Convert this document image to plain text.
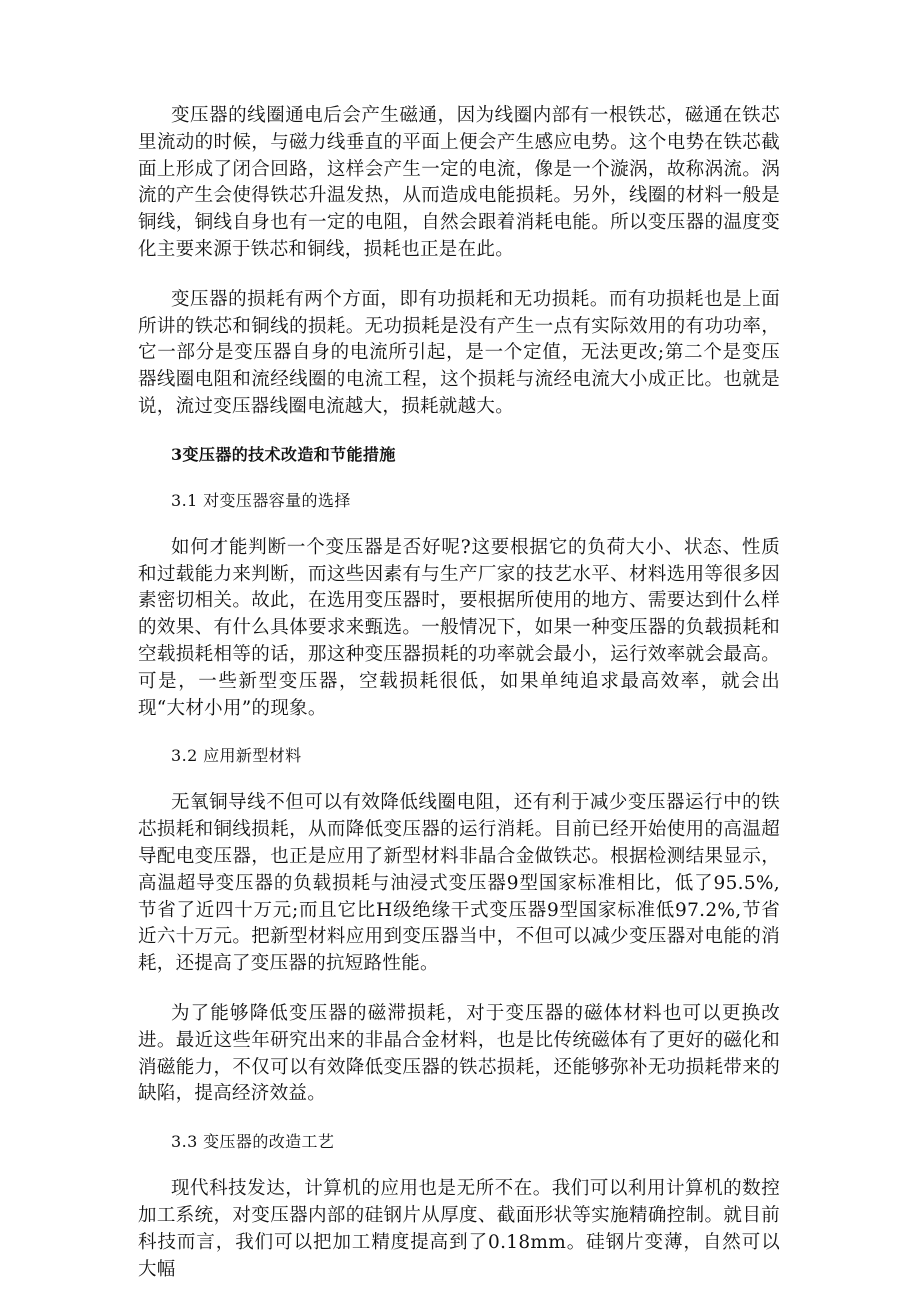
变压器的线圈通电后会产生磁通，因为线圈内部有一根铁芯，磁通在铁芯里流动的时候，与磁力线垂直的平面上便会产生感应电势。这个电势在铁芯截面上形成了闭合回路，这样会产生一定的电流，像是一个漩涡，故称涡流。涡流的产生会使得铁芯升温发热，从而造成电能损耗。另外，线圈的材料一般是铜线，铜线自身也有一定的电阻，自然会跟着消耗电能。所以变压器的温度变化主要来源于铁芯和铜线，损耗也正是在此。

变压器的损耗有两个方面，即有功损耗和无功损耗。而有功损耗也是上面所讲的铁芯和铜线的损耗。无功损耗是没有产生一点有实际效用的有功功率，它一部分是变压器自身的电流所引起，是一个定值，无法更改;第二个是变压器线圈电阻和流经线圈的电流工程，这个损耗与流经电流大小成正比。也就是说，流过变压器线圈电流越大，损耗就越大。

3变压器的技术改造和节能措施

3.1 对变压器容量的选择

如何才能判断一个变压器是否好呢?这要根据它的负荷大小、状态、性质和过载能力来判断，而这些因素有与生产厂家的技艺水平、材料选用等很多因素密切相关。故此，在选用变压器时，要根据所使用的地方、需要达到什么样的效果、有什么具体要求来甄选。一般情况下，如果一种变压器的负载损耗和空载损耗相等的话，那这种变压器损耗的功率就会最小，运行效率就会最高。可是，一些新型变压器，空载损耗很低，如果单纯追求最高效率，就会出现“大材小用”的现象。

3.2 应用新型材料

无氧铜导线不但可以有效降低线圈电阻，还有利于减少变压器运行中的铁芯损耗和铜线损耗，从而降低变压器的运行消耗。目前已经开始使用的高温超导配电变压器，也正是应用了新型材料非晶合金做铁芯。根据检测结果显示，高温超导变压器的负载损耗与油浸式变压器9型国家标准相比，低了95.5%,节省了近四十万元;而且它比H级绝缘干式变压器9型国家标准低97.2%,节省近六十万元。把新型材料应用到变压器当中，不但可以减少变压器对电能的消耗，还提高了变压器的抗短路性能。

为了能够降低变压器的磁滞损耗，对于变压器的磁体材料也可以更换改进。最近这些年研究出来的非晶合金材料，也是比传统磁体有了更好的磁化和消磁能力，不仅可以有效降低变压器的铁芯损耗，还能够弥补无功损耗带来的缺陷，提高经济效益。

3.3 变压器的改造工艺

现代科技发达，计算机的应用也是无所不在。我们可以利用计算机的数控加工系统，对变压器内部的硅钢片从厚度、截面形状等实施精确控制。就目前科技而言，我们可以把加工精度提高到了0.18mm。硅钢片变薄，自然可以大幅
